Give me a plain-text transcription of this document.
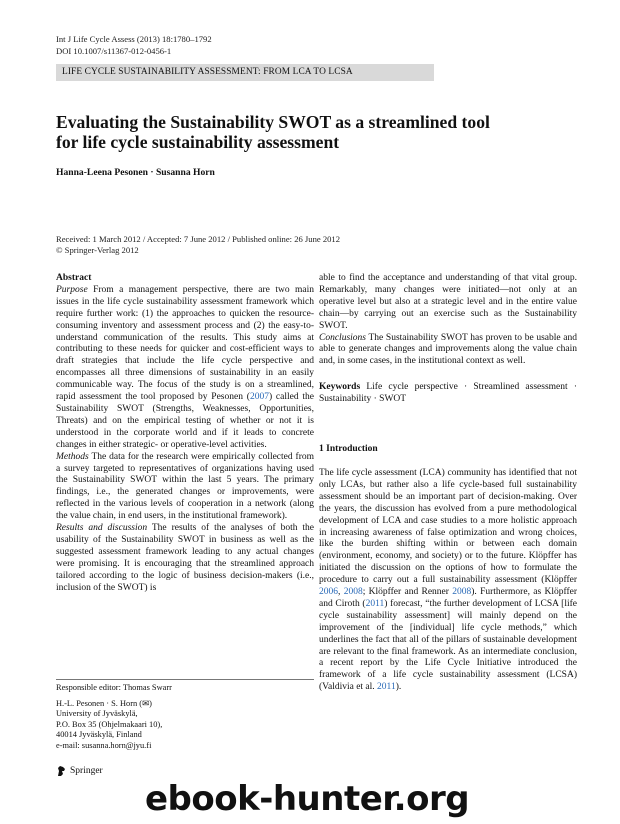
Int J Life Cycle Assess (2013) 18:1780–1792
DOI 10.1007/s11367-012-0456-1
LIFE CYCLE SUSTAINABILITY ASSESSMENT: FROM LCA TO LCSA
Evaluating the Sustainability SWOT as a streamlined tool
for life cycle sustainability assessment
Hanna-Leena Pesonen · Susanna Horn
Received: 1 March 2012 / Accepted: 7 June 2012 / Published online: 26 June 2012
© Springer-Verlag 2012
Abstract

Purpose From a management perspective, there are two main issues in the life cycle sustainability assessment framework which require further work: (1) the approaches to quicken the resource-consuming inventory and assessment process and (2) the easy-to-understand communication of the results. This study aims at contributing to these needs for quicker and cost-efficient ways to draft strategies that include the life cycle perspective and encompasses all three dimensions of sustainability in an easily communicable way. The focus of the study is on a streamlined, rapid assessment the tool proposed by Pesonen (2007) called the Sustainability SWOT (Strengths, Weaknesses, Opportunities, Threats) and on the empirical testing of whether or not it is understood in the corporate world and if it leads to concrete changes in either strategic- or operative-level activities.

Methods The data for the research were empirically collected from a survey targeted to representatives of organizations having used the Sustainability SWOT within the last 5 years. The primary findings, i.e., the generated changes or improvements, were reflected in the various levels of cooperation in a network (along the value chain, in end users, in the institutional framework).

Results and discussion The results of the analyses of both the usability of the Sustainability SWOT in business as well as the suggested assessment framework leading to any actual changes were promising. It is encouraging that the streamlined approach tailored according to the logic of business decision-makers (i.e., inclusion of the SWOT) is

Responsible editor: Thomas Swarr
H.-L. Pesonen · S. Horn (✉)
University of Jyväskylä,
P.O. Box 35 (Ohjelmakaari 10),
40014 Jyväskylä, Finland
e-mail: susanna.horn@jyu.fi

able to find the acceptance and understanding of that vital group. Remarkably, many changes were initiated—not only at an operative level but also at a strategic level and in the entire value chain—by carrying out an exercise such as the Sustainability SWOT.

Conclusions The Sustainability SWOT has proven to be usable and able to generate changes and improvements along the value chain and, in some cases, in the institutional context as well.

Keywords Life cycle perspective · Streamlined assessment · Sustainability · SWOT

1 Introduction

The life cycle assessment (LCA) community has identified that not only LCAs, but rather also a life cycle-based full sustainability assessment should be an important part of decision-making. Over the years, the discussion has evolved from a pure methodological development of LCA and case studies to a more holistic approach in increasing awareness of false optimization and wrong choices, like the burden shifting within or between each domain (environment, economy, and society) or to the future. Klöpffer has initiated the discussion on the options of how to formulate the procedure to carry out a full sustainability assessment (Klöpffer 2006, 2008; Klöpffer and Renner 2008). Furthermore, as Klöpffer and Ciroth (2011) forecast, “the further development of LCSA [life cycle sustainability assessment] will mainly depend on the improvement of the [individual] life cycle methods,” which underlines the fact that all of the pillars of sustainable development are relevant to the final framework. As an intermediate conclusion, a recent report by the Life Cycle Initiative introduced the framework of a life cycle sustainability assessment (LCSA) (Valdivia et al. 2011).

Springer
ebook-hunter.org
